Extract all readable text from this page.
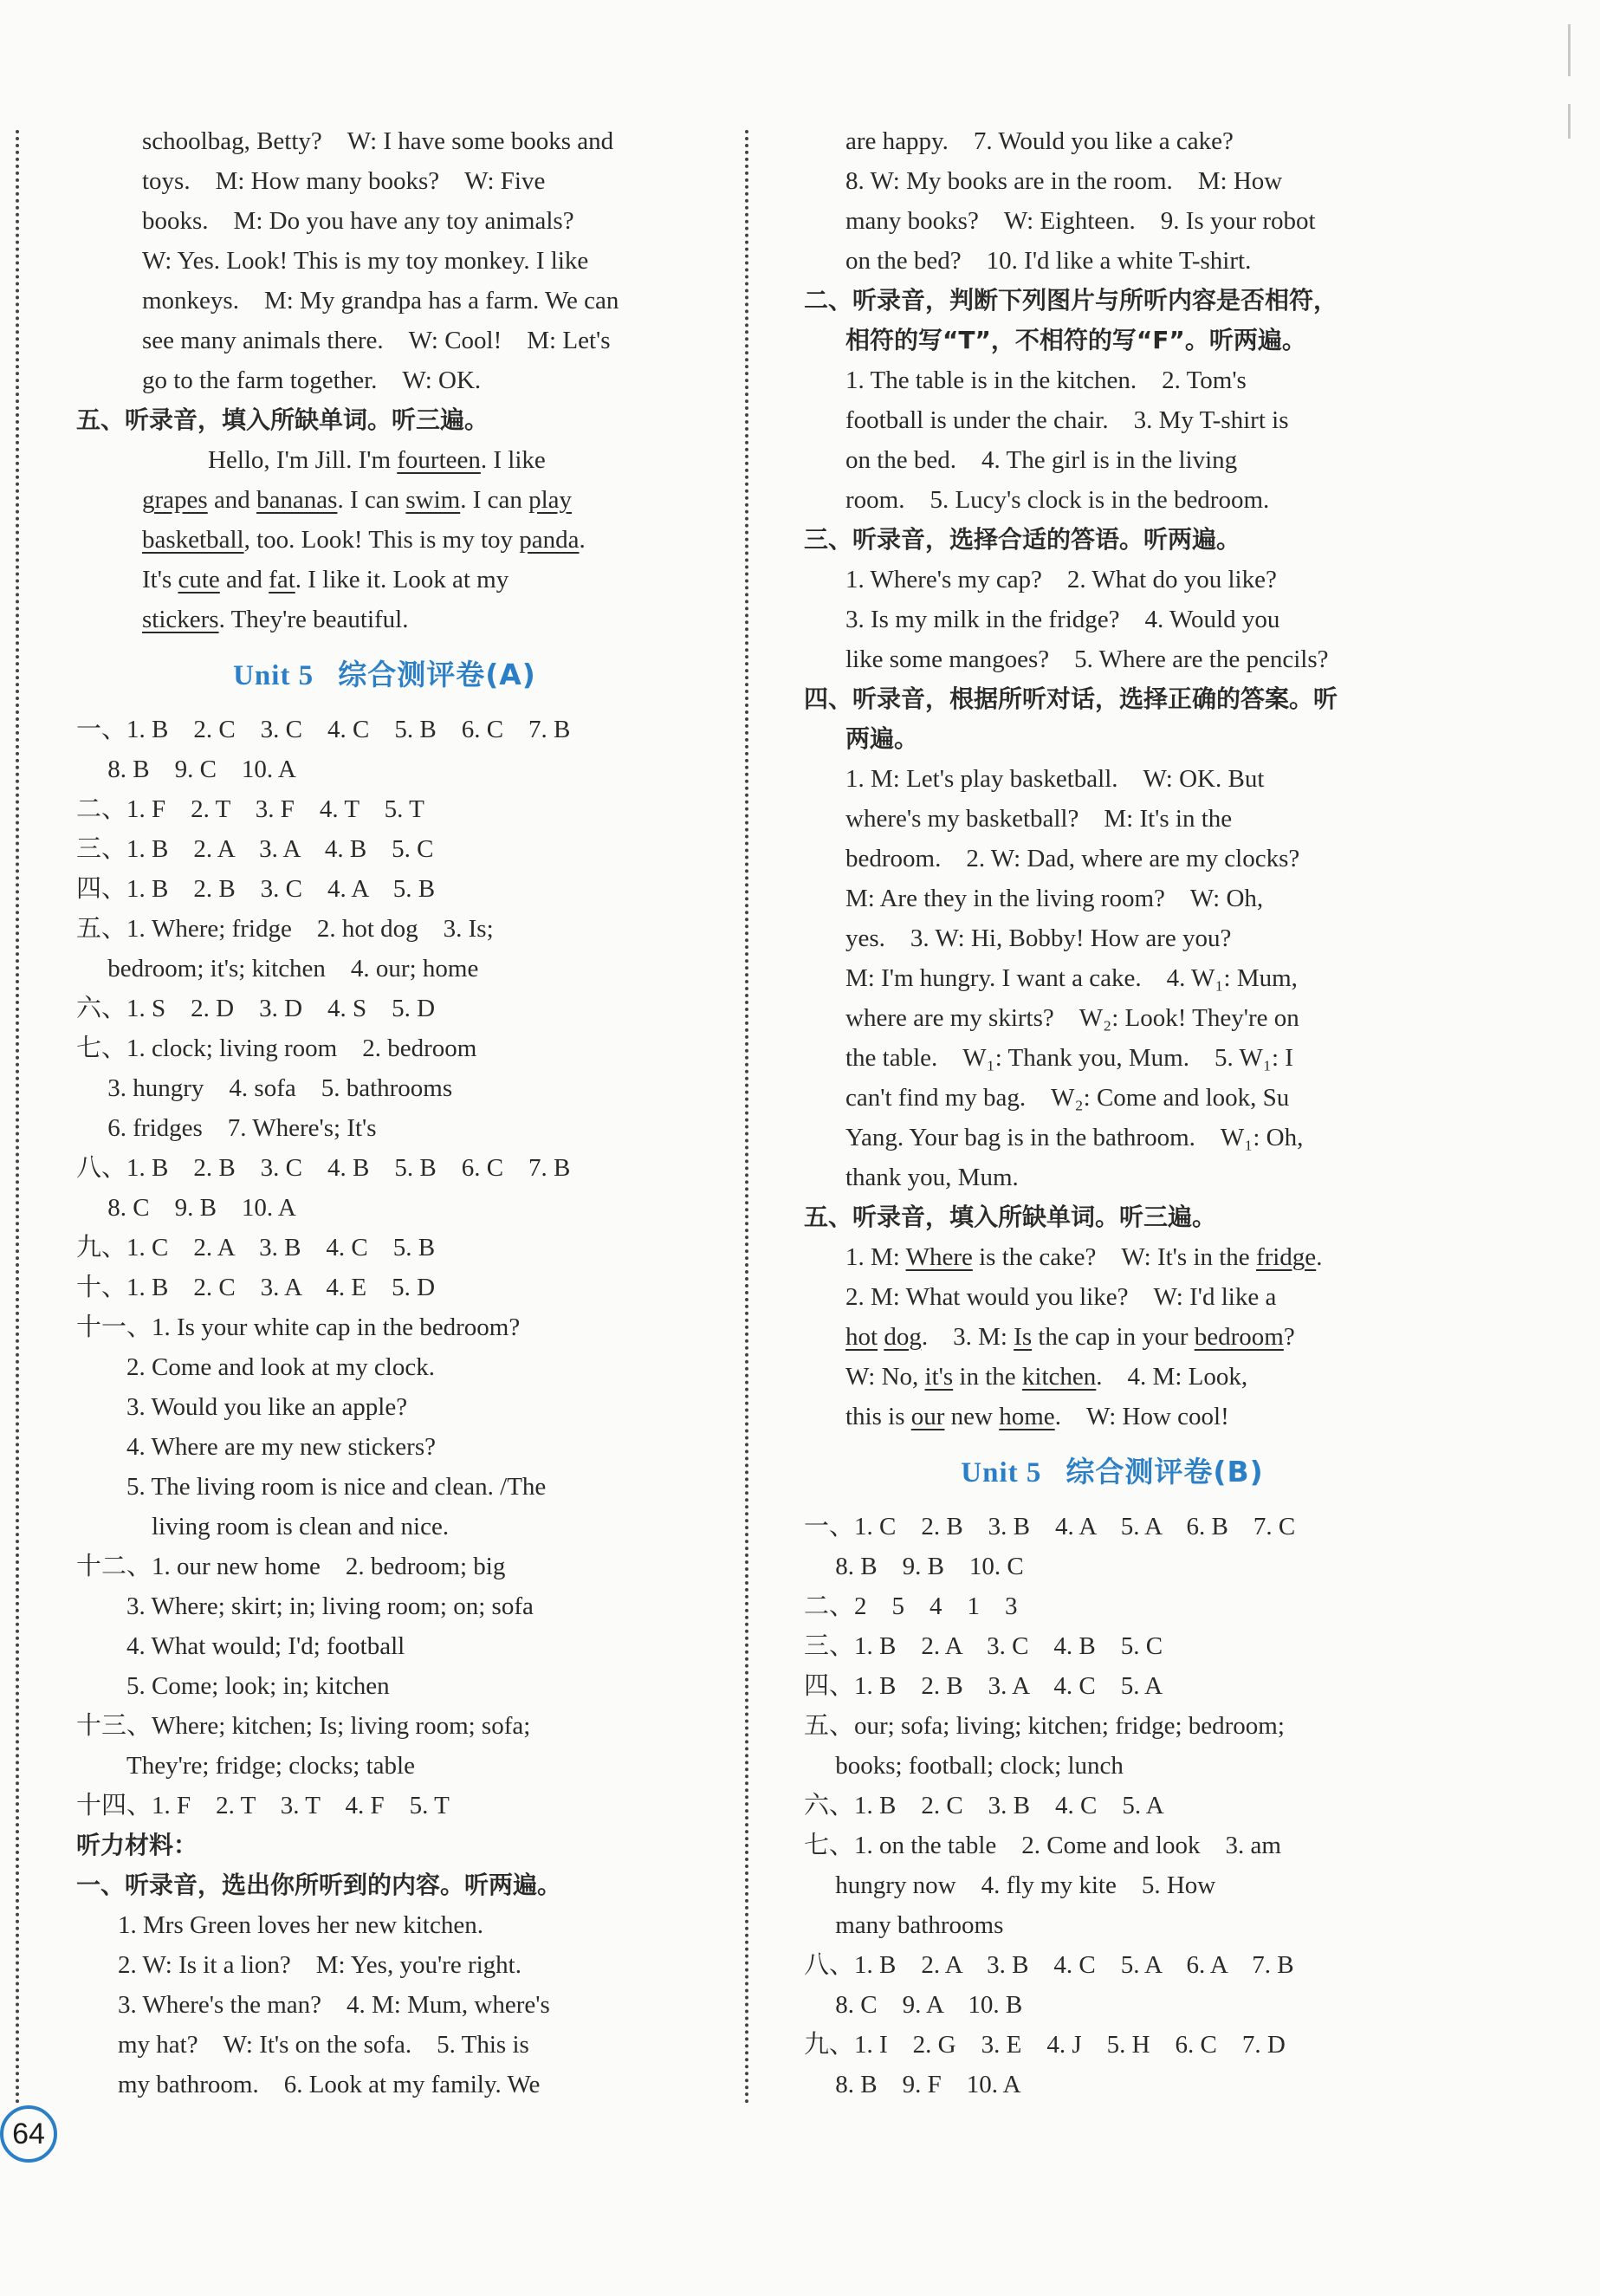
schoolbag, Betty?　W: I have some books and

toys.　M: How many books?　W: Five

books.　M: Do you have any toy animals?

W: Yes. Look! This is my toy monkey. I like

monkeys.　M: My grandpa has a farm. We can

see many animals there.　W: Cool!　M: Let's

go to the farm together.　W: OK.

五、听录音，填入所缺单词。听三遍。

Hello, I'm Jill. I'm fourteen. I like

grapes and bananas. I can swim. I can play

basketball, too. Look! This is my toy panda.

It's cute and fat. I like it. Look at my

stickers. They're beautiful.

Unit 5 综合测评卷(A)

一、1. B　2. C　3. C　4. C　5. B　6. C　7. B

　 8. B　9. C　10. A

二、1. F　2. T　3. F　4. T　5. T

三、1. B　2. A　3. A　4. B　5. C

四、1. B　2. B　3. C　4. A　5. B

五、1. Where; fridge　2. hot dog　3. Is;

　 bedroom; it's; kitchen　4. our; home

六、1. S　2. D　3. D　4. S　5. D

七、1. clock; living room　2. bedroom

　 3. hungry　4. sofa　5. bathrooms

　 6. fridges　7. Where's; It's

八、1. B　2. B　3. C　4. B　5. B　6. C　7. B

　 8. C　9. B　10. A

九、1. C　2. A　3. B　4. C　5. B

十、1. B　2. C　3. A　4. E　5. D

十一、1. Is your white cap in the bedroom?

　　2. Come and look at my clock.

　　3. Would you like an apple?

　　4. Where are my new stickers?

　　5. The living room is nice and clean. /The

　　　living room is clean and nice.

十二、1. our new home　2. bedroom; big

　　3. Where; skirt; in; living room; on; sofa

　　4. What would; I'd; football

　　5. Come; look; in; kitchen

十三、Where; kitchen; Is; living room; sofa;

　　They're; fridge; clocks; table

十四、1. F　2. T　3. T　4. F　5. T

听力材料：

一、听录音，选出你所听到的内容。听两遍。

1. Mrs Green loves her new kitchen.

2. W: Is it a lion?　M: Yes, you're right.

3. Where's the man?　4. M: Mum, where's

my hat?　W: It's on the sofa.　5. This is

my bathroom.　6. Look at my family. We

are happy.　7. Would you like a cake?

8. W: My books are in the room.　M: How

many books?　W: Eighteen.　9. Is your robot

on the bed?　10. I'd like a white T-shirt.

二、听录音，判断下列图片与所听内容是否相符，

相符的写“T”，不相符的写“F”。听两遍。

1. The table is in the kitchen.　2. Tom's

football is under the chair.　3. My T-shirt is

on the bed.　4. The girl is in the living

room.　5. Lucy's clock is in the bedroom.

三、听录音，选择合适的答语。听两遍。

1. Where's my cap?　2. What do you like?

3. Is my milk in the fridge?　4. Would you

like some mangoes?　5. Where are the pencils?

四、听录音，根据所听对话，选择正确的答案。听

两遍。

1. M: Let's play basketball.　W: OK. But

where's my basketball?　M: It's in the

bedroom.　2. W: Dad, where are my clocks?

M: Are they in the living room?　W: Oh,

yes.　3. W: Hi, Bobby! How are you?

M: I'm hungry. I want a cake.　4. W₁: Mum,

where are my skirts?　W₂: Look! They're on

the table.　W₁: Thank you, Mum.　5. W₁: I

can't find my bag.　W₂: Come and look, Su

Yang. Your bag is in the bathroom.　W₁: Oh,

thank you, Mum.

五、听录音，填入所缺单词。听三遍。

1. M: Where is the cake?　W: It's in the fridge.

2. M: What would you like?　W: I'd like a

hot dog.　3. M: Is the cap in your bedroom?

W: No, it's in the kitchen.　4. M: Look,

this is our new home.　W: How cool!

Unit 5 综合测评卷(B)

一、1. C　2. B　3. B　4. A　5. A　6. B　7. C

　 8. B　9. B　10. C

二、2　5　4　1　3

三、1. B　2. A　3. C　4. B　5. C

四、1. B　2. B　3. A　4. C　5. A

五、our; sofa; living; kitchen; fridge; bedroom;

　 books; football; clock; lunch

六、1. B　2. C　3. B　4. C　5. A

七、1. on the table　2. Come and look　3. am

　 hungry now　4. fly my kite　5. How

　 many bathrooms

八、1. B　2. A　3. B　4. C　5. A　6. A　7. B

　 8. C　9. A　10. B

九、1. I　2. G　3. E　4. J　5. H　6. C　7. D

　 8. B　9. F　10. A

64
